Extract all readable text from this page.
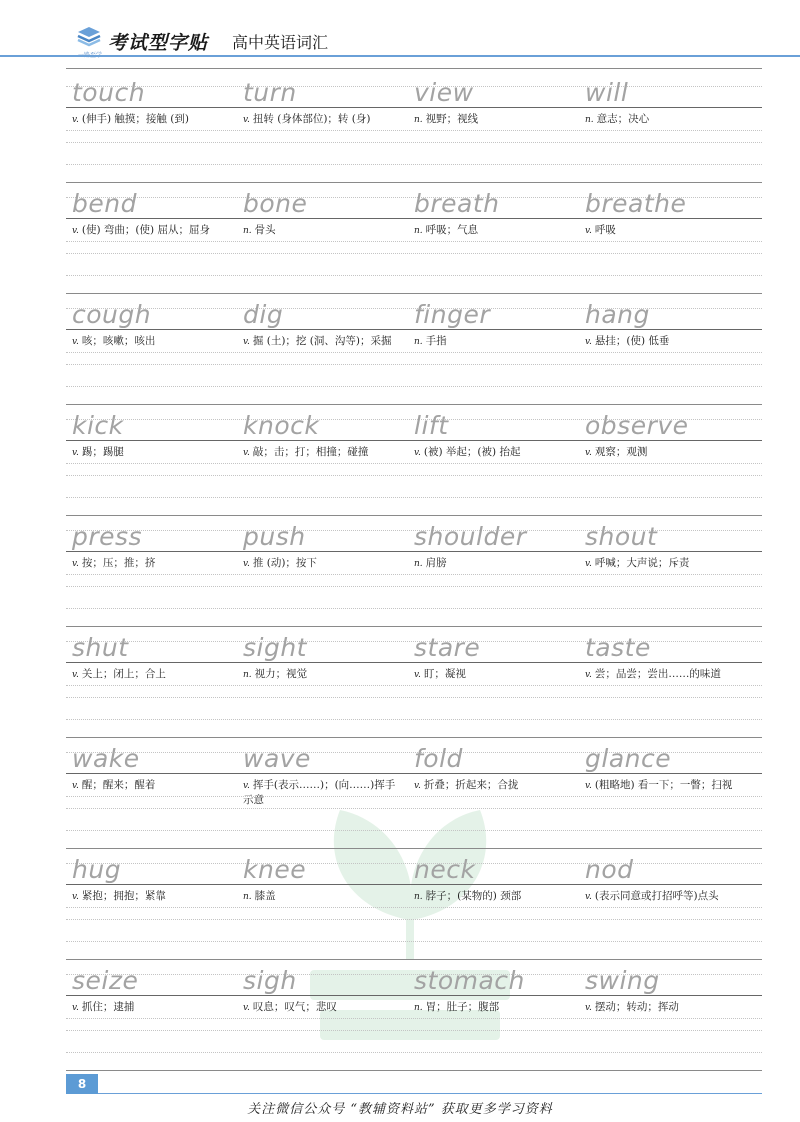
考试型字贴 高中英语词汇
touch
v. (伸手) 触摸；接触 (到)
turn
v. 扭转 (身体部位)；转 (身)
view
n. 视野；视线
will
n. 意志；决心
bend
v. (使) 弯曲；(使) 屈从；屈身
bone
n. 骨头
breath
n. 呼吸；气息
breathe
v. 呼吸
cough
v. 咳；咳嗽；咳出
dig
v. 掘 (土)；挖 (洞、沟等)；采掘
finger
n. 手指
hang
v. 悬挂；(使) 低垂
kick
v. 踢；踢腿
knock
v. 敲；击；打；相撞；碰撞
lift
v. (被) 举起；(被) 抬起
observe
v. 观察；观测
press
v. 按；压；推；挤
push
v. 推 (动)；按下
shoulder
n. 肩膀
shout
v. 呼喊；大声说；斥责
shut
v. 关上；闭上；合上
sight
n. 视力；视觉
stare
v. 盯；凝视
taste
v. 尝；品尝；尝出……的味道
wake
v. 醒；醒来；醒着
wave
v. 挥手(表示……)；(向……)挥手示意
fold
v. 折叠；折起来；合拢
glance
v. (粗略地) 看一下；一瞥；扫视
hug
v. 紧抱；拥抱；紧靠
knee
n. 膝盖
neck
n. 脖子；(某物的) 颈部
nod
v. (表示同意或打招呼等)点头
seize
v. 抓住；逮捕
sigh
v. 叹息；叹气；悲叹
stomach
n. 胃；肚子；腹部
swing
v. 摆动；转动；挥动
8
关注微信公众号 “教辅资料站” 获取更多学习资料
